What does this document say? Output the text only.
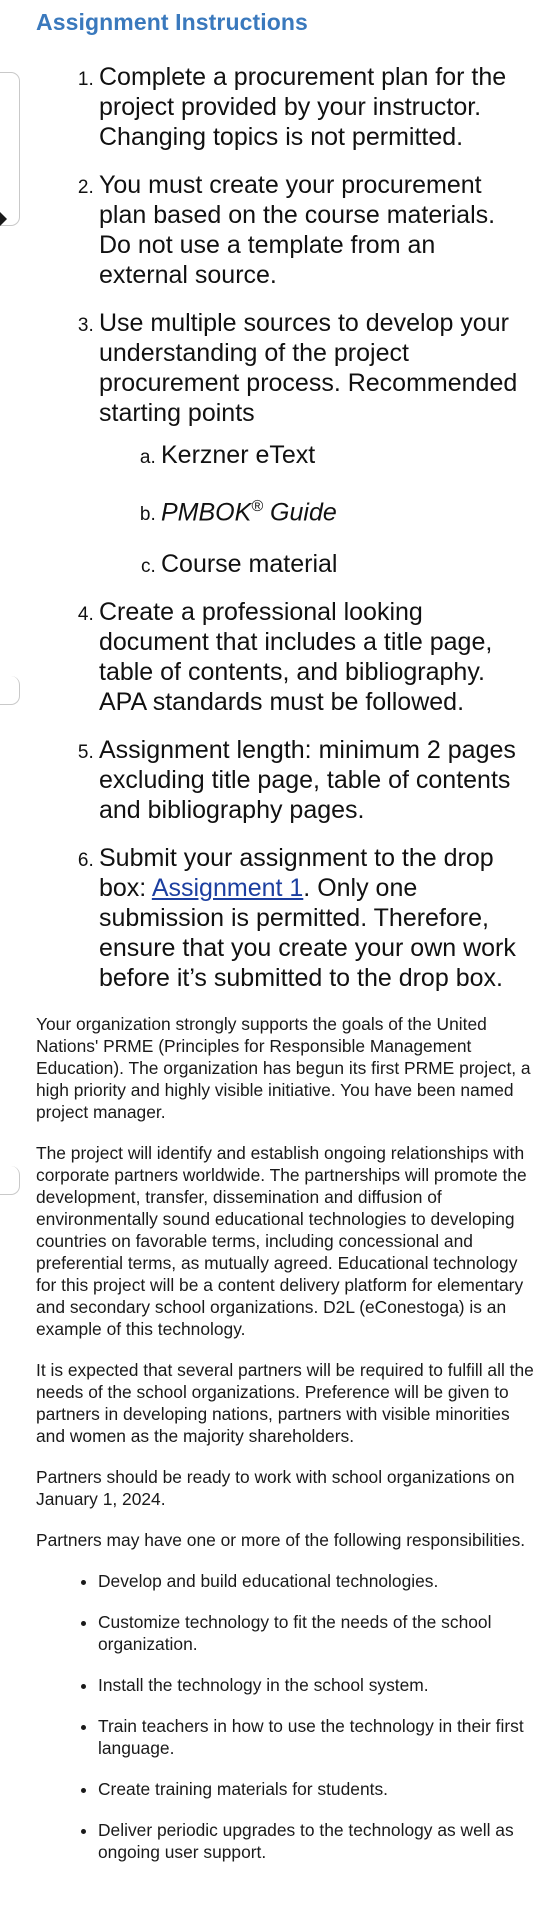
Assignment Instructions
1. Complete a procurement plan for the project provided by your instructor. Changing topics is not permitted.
2. You must create your procurement plan based on the course materials. Do not use a template from an external source.
3. Use multiple sources to develop your understanding of the project procurement process. Recommended starting points
a. Kerzner eText
b. PMBOK® Guide
c. Course material
4. Create a professional looking document that includes a title page, table of contents, and bibliography. APA standards must be followed.
5. Assignment length: minimum 2 pages excluding title page, table of contents and bibliography pages.
6. Submit your assignment to the drop box: Assignment 1. Only one submission is permitted. Therefore, ensure that you create your own work before it’s submitted to the drop box.

Your organization strongly supports the goals of the United Nations' PRME (Principles for Responsible Management Education). The organization has begun its first PRME project, a high priority and highly visible initiative. You have been named project manager.

The project will identify and establish ongoing relationships with corporate partners worldwide. The partnerships will promote the development, transfer, dissemination and diffusion of environmentally sound educational technologies to developing countries on favorable terms, including concessional and preferential terms, as mutually agreed. Educational technology for this project will be a content delivery platform for elementary and secondary school organizations. D2L (eConestoga) is an example of this technology.

It is expected that several partners will be required to fulfill all the needs of the school organizations. Preference will be given to partners in developing nations, partners with visible minorities and women as the majority shareholders.

Partners should be ready to work with school organizations on January 1, 2024.

Partners may have one or more of the following responsibilities.

• Develop and build educational technologies.
• Customize technology to fit the needs of the school organization.
• Install the technology in the school system.
• Train teachers in how to use the technology in their first language.
• Create training materials for students.
• Deliver periodic upgrades to the technology as well as ongoing user support.
